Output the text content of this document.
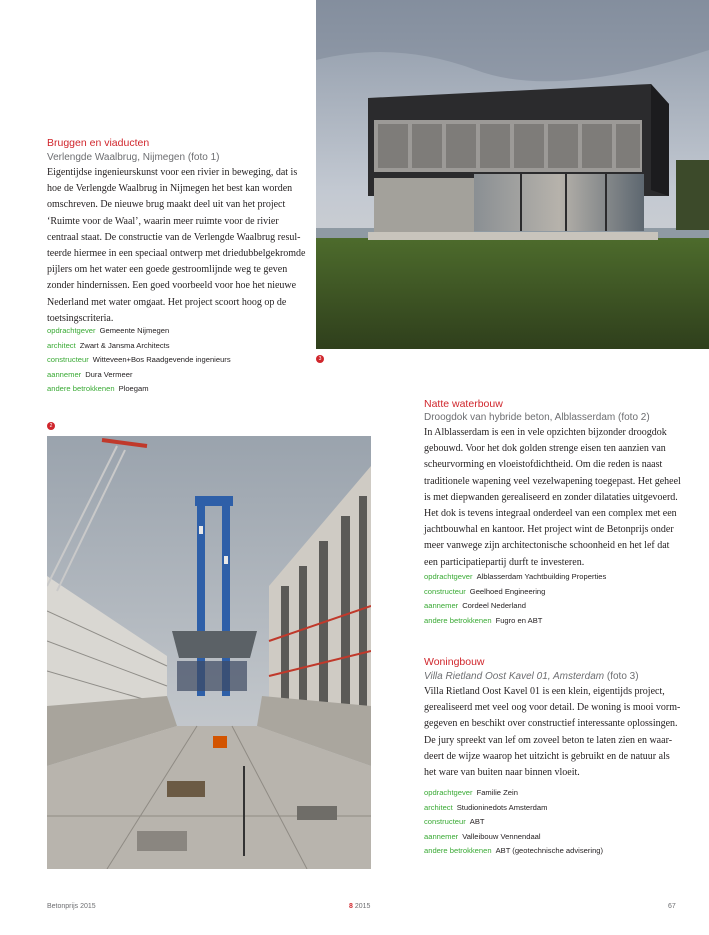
3
2
Bruggen en viaducten
Verlengde Waalbrug, Nijmegen (foto 1)
Eigentijdse ingenieurskunst voor een rivier in beweging, dat is
hoe de Verlengde Waalbrug in Nijmegen het best kan worden
omschreven. De nieuwe brug maakt deel uit van het project
‘Ruimte voor de Waal’, waarin meer ruimte voor de rivier
centraal staat. De constructie van de Verlengde Waalbrug resul-
teerde hiermee in een speciaal ontwerp met driedubbelgekromde
pijlers om het water een goede gestroomlijnde weg te geven
zonder hindernissen. Een goed voorbeeld voor hoe het nieuwe
Nederland met water omgaat. Het project scoort hoog op de
toetsingscriteria.
opdrachtgever Gemeente Nijmegen
architect Zwart & Jansma Architects
constructeur Witteveen+Bos Raadgevende ingenieurs
aannemer Dura Vermeer
andere betrokkenen Ploegam
Natte waterbouw
Droogdok van hybride beton, Alblasserdam (foto 2)
In Alblasserdam is een in vele opzichten bijzonder droogdok
gebouwd. Voor het dok golden strenge eisen ten aanzien van
scheurvorming en vloeistofdichtheid. Om die reden is naast
traditionele wapening veel vezelwapening toegepast. Het geheel
is met diepwanden gerealiseerd en zonder dilataties uitgevoerd.
Het dok is tevens integraal onderdeel van een complex met een
jachtbouwhal en kantoor. Het project wint de Betonprijs onder
meer vanwege zijn architectonische schoonheid en het lef dat
een participatiepartij durft te investeren.
opdrachtgever Alblasserdam Yachtbuilding Properties
constructeur Geelhoed Engineering
aannemer Cordeel Nederland
andere betrokkenen Fugro en ABT
Woningbouw
Villa Rietland Oost Kavel 01, Amsterdam (foto 3)
Villa Rietland Oost Kavel 01 is een klein, eigentijds project,
gerealiseerd met veel oog voor detail. De woning is mooi vorm-
gegeven en beschikt over constructief interessante oplossingen.
De jury spreekt van lef om zoveel beton te laten zien en waar-
deert de wijze waarop het uitzicht is gebruikt en de natuur als
het ware van buiten naar binnen vloeit.
opdrachtgever Familie Zein
architect Studioninedots Amsterdam
constructeur ABT
aannemer Valleibouw Vennendaal
andere betrokkenen ABT (geotechnische advisering)
Betonprijs 2015	8 2015	67
